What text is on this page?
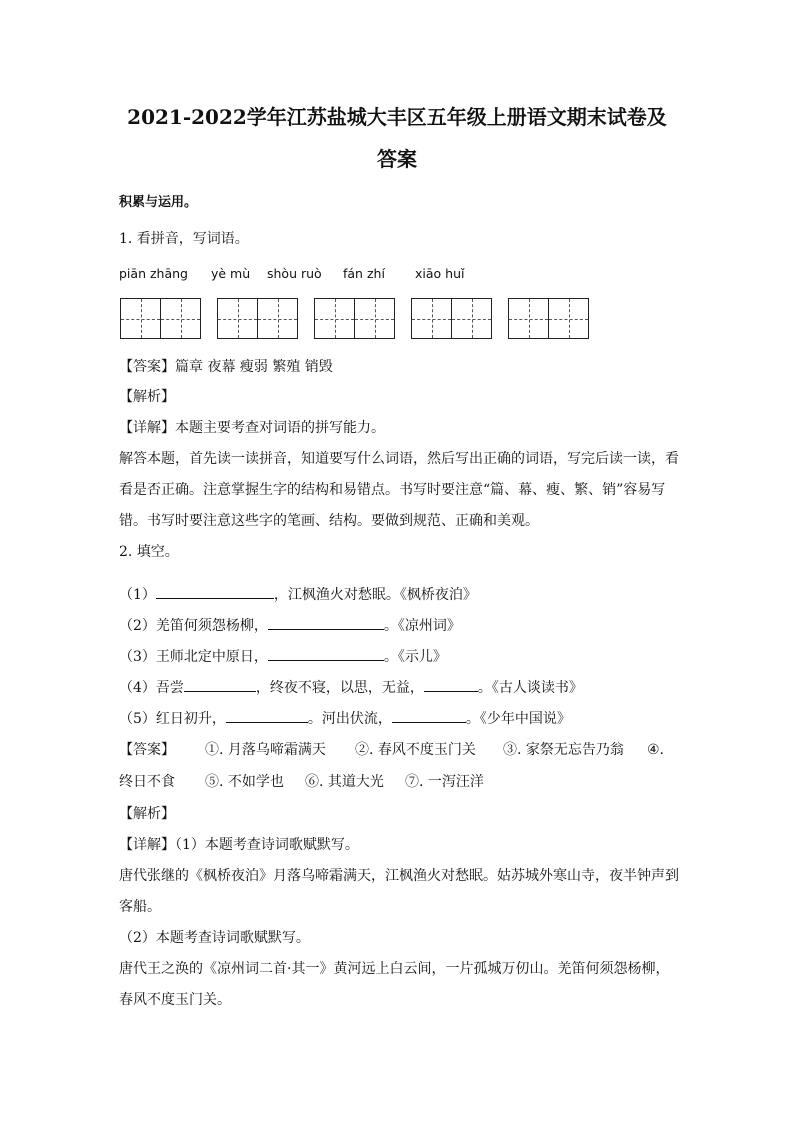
2021-2022学年江苏盐城大丰区五年级上册语文期末试卷及
答案
积累与运用。
1. 看拼音，写词语。
piān zhāng yè mù shòu ruò fán zhí xiāo huǐ
【答案】篇章 夜幕 瘦弱 繁殖 销毁
【解析】
【详解】本题主要考查对词语的拼写能力。
解答本题，首先读一读拼音，知道要写什么词语，然后写出正确的词语，写完后读一读，看
看是否正确。注意掌握生字的结构和易错点。书写时要注意“篇、幕、瘦、繁、销”容易写
错。书写时要注意这些字的笔画、结构。要做到规范、正确和美观。
2. 填空。
（1）	，江枫渔火对愁眠。《枫桥夜泊》
（2）羌笛何须怨杨柳，	。《凉州词》
（3）王师北定中原日，	。《示儿》
（4）吾尝	，终夜不寝，以思，无益，	。《古人谈读书》
（5）红日初升，	。河出伏流，	。《少年中国说》
【答案】 ①. 月落乌啼霜满天 ②. 春风不度玉门关 ③. 家祭无忘告乃翁 ④.
终日不食 ⑤. 不如学也 ⑥. 其道大光 ⑦. 一泻汪洋
【解析】
【详解】（1）本题考查诗词歌赋默写。
唐代张继的《枫桥夜泊》月落乌啼霜满天，江枫渔火对愁眠。姑苏城外寒山寺，夜半钟声到
客船。
（2）本题考查诗词歌赋默写。
唐代王之涣的《凉州词二首·其一》黄河远上白云间，一片孤城万仞山。羌笛何须怨杨柳，
春风不度玉门关。
